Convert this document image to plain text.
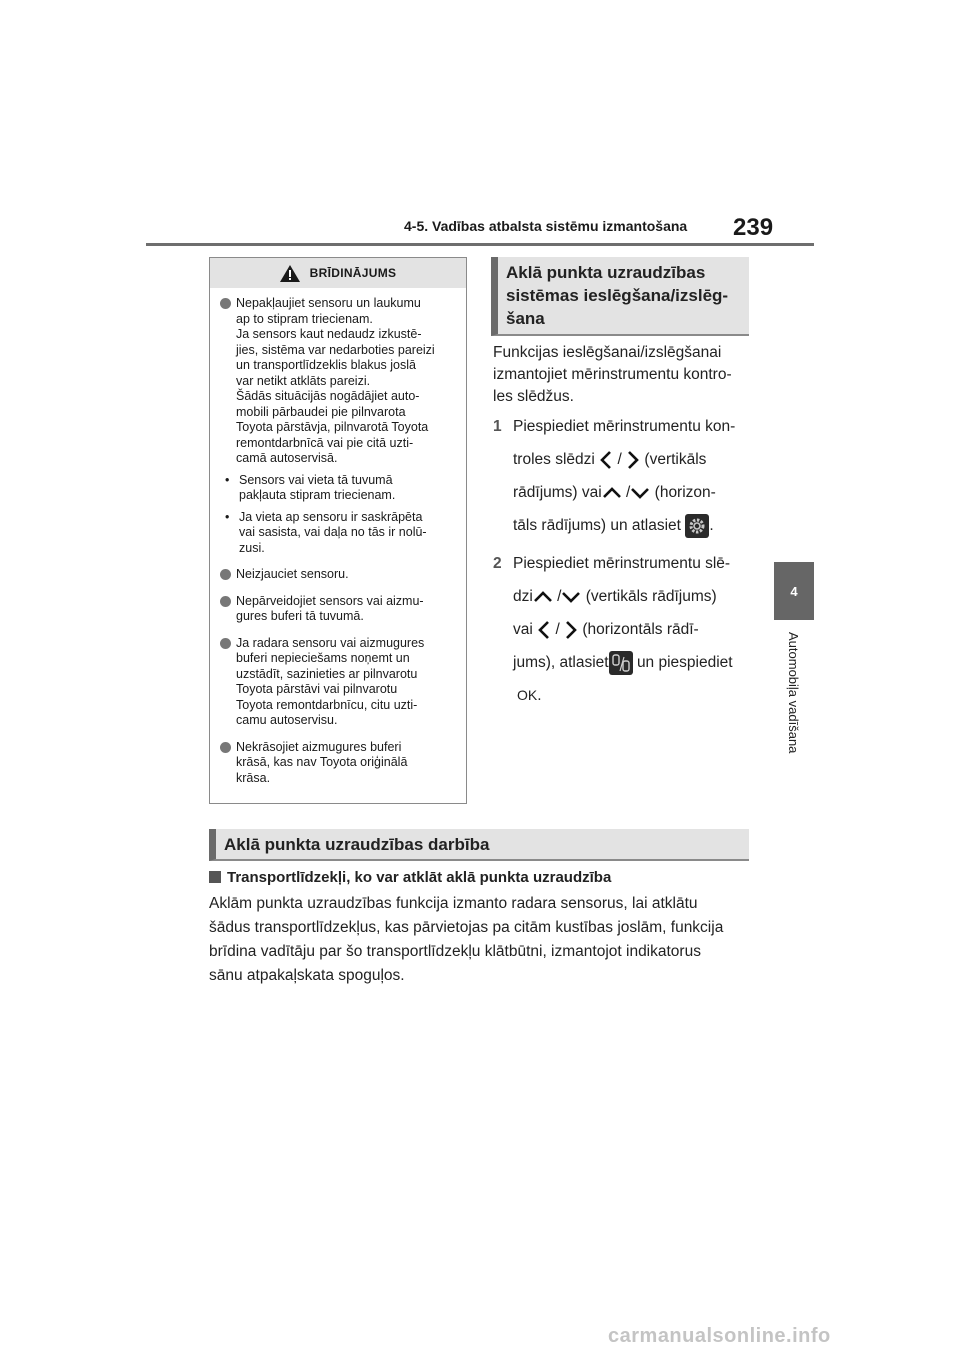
4-5. Vadības atbalsta sistēmu izmantošana 239
4
Automobiļa vadīšana
BRĪDINĀJUMS
Nepakļaujiet sensoru un laukumu
ap to stipram triecienam.
Ja sensors kaut nedaudz izkustē-
jies, sistēma var nedarboties pareizi
un transportlīdzeklis blakus joslā
var netikt atklāts pareizi.
Šādās situācijās nogādājiet auto-
mobili pārbaudei pie pilnvarota
Toyota pārstāvja, pilnvarotā Toyota
remontdarbnīcā vai pie citā uzti-
camā autoservisā.
• Sensors vai vieta tā tuvumā
pakļauta stipram triecienam.
• Ja vieta ap sensoru ir saskrāpēta
vai sasista, vai daļa no tās ir nolū-
zusi.
Neizjauciet sensoru.
Nepārveidojiet sensors vai aizmu-
gures buferi tā tuvumā.
Ja radara sensoru vai aizmugures
buferi nepieciešams noņemt un
uzstādīt, sazinieties ar pilnvarotu
Toyota pārstāvi vai pilnvarotu
Toyota remontdarbnīcu, citu uzti-
camu autoservisu.
Nekrāsojiet aizmugures buferi
krāsā, kas nav Toyota oriģinālā
krāsa.
Aklā punkta uzraudzības
sistēmas ieslēgšana/izslēg-
šana
Funkcijas ieslēgšanai/izslēgšanai
izmantojiet mērinstrumentu kontro-
les slēdžus.
1 Piespiediet mērinstrumentu kon-
troles slēdzi / (vertikāls
rādījums) vai / (horizon-
tāls rādījums) un atlasiet .
2 Piespiediet mērinstrumentu slē-
dzi / (vertikāls rādījums)
vai / (horizontāls rādī-
jums), atlasiet un piespiediet
OK.
Aklā punkta uzraudzības darbība
Transportlīdzekļi, ko var atklāt aklā punkta uzraudzība
Aklām punkta uzraudzības funkcija izmanto radara sensorus, lai atklātu
šādus transportlīdzekļus, kas pārvietojas pa citām kustības joslām, funkcija
brīdina vadītāju par šo transportlīdzekļu klātbūtni, izmantojot indikatorus
sānu atpakaļskata spoguļos.
carmanualsonline.info
